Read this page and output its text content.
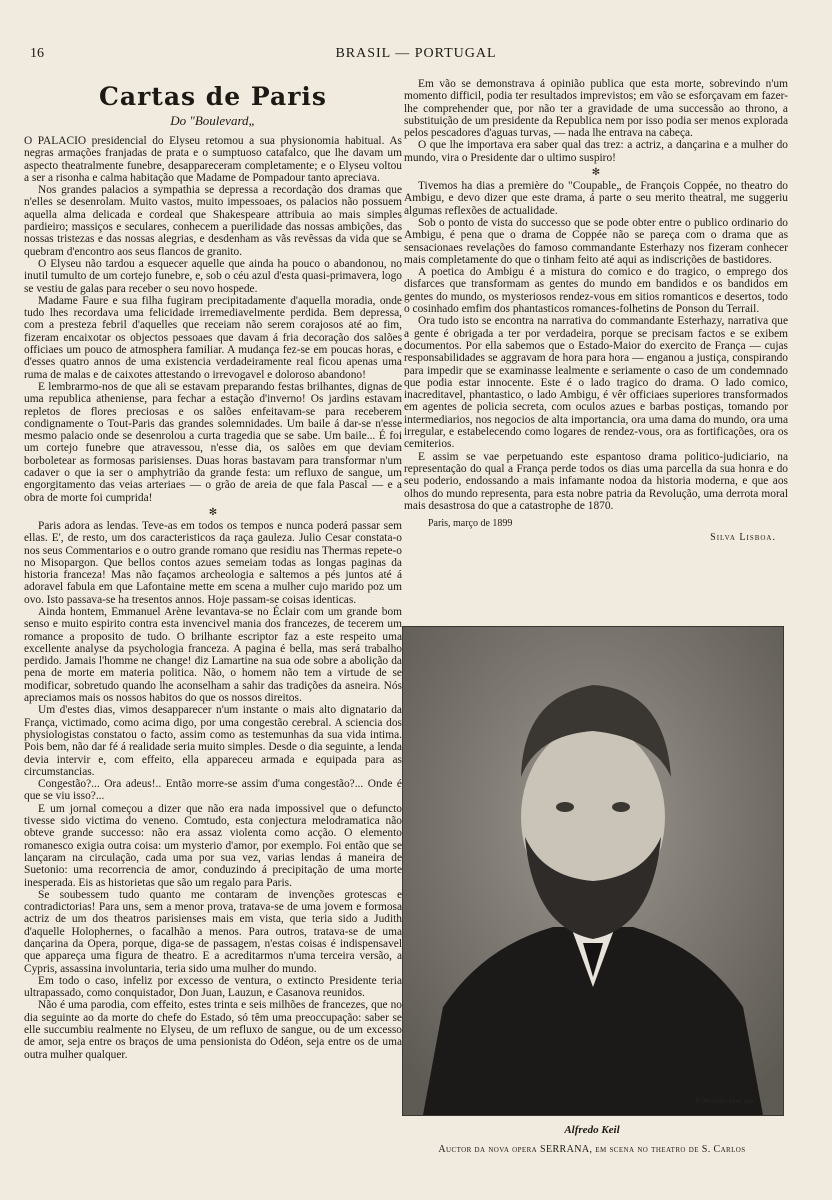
16	BRASIL — PORTUGAL
Cartas de Paris
Do "Boulevard„

O PALACIO presidencial do Elyseu retomou a sua physionomia habitual. As negras armações franjadas de prata e o sumptuoso catafalco, que lhe davam um aspecto theatralmente funebre, desappareceram completamente; e o Elyseu voltou a ser a risonha e calma habitação que Madame de Pompadour tanto apreciava.

Nos grandes palacios a sympathia se depressa a recordação dos dramas que n'elles se desenrolam. Muito vastos, muito impessoaes, os palacios não possuem aquella alma delicada e cordeal que Shakespeare attribuia ao mais simples pardieiro; massiços e seculares, conhecem a puerilidade das nossas ambições, das nossas tristezas e das nossas alegrias, e desdenham as vãs revêssas da vida que se quebram d'encontro aos seus flancos de granito.

O Elyseu não tardou a esquecer aquelle que ainda ha pouco o abandonou, no inutil tumulto de um cortejo funebre, e, sob o céu azul d'esta quasi-primavera, logo se vestiu de galas para receber o seu novo hospede.

Madame Faure e sua filha fugiram precipitadamente d'aquella moradia, onde tudo lhes recordava uma felicidade irremediavelmente perdida. Bem depressa, com a presteza febril d'aquelles que receiam não serem corajosos até ao fim, fizeram encaixotar os objectos pessoaes que davam á fria decoração dos salões officiaes um pouco de atmosphera familiar. A mudança fez-se em poucas horas, e d'esses quatro annos de uma existencia verdadeiramente real ficou apenas uma ruma de malas e de caixotes attestando o irrevogavel e doloroso abandono!

E lembrarmo-nos de que ali se estavam preparando festas brilhantes, dignas de uma republica atheniense, para fechar a estação d'inverno! Os jardins estavam repletos de flores preciosas e os salões enfeitavam-se para receberem condignamente o Tout-Paris das grandes solemnidades. Um baile á dar-se n'esse mesmo palacio onde se desenrolou a curta tragedia que se sabe. Um baile... É foi um cortejo funebre que atravessou, n'esse dia, os salões em que deviam borboletear as formosas parisienses. Duas horas bastavam para transformar n'um cadaver o que ia ser o amphytrião da grande festa: um refluxo de sangue, um engorgitamento das veias arteriaes — o grão de areia de que fala Pascal — e a obra de morte foi cumprida!

✻

Paris adora as lendas. Teve-as em todos os tempos e nunca poderá passar sem ellas. E', de resto, um dos caracteristicos da raça gauleza. Julio Cesar constata-o nos seus Commentarios e o outro grande romano que residiu nas Thermas repete-o no Misopargon. Que bellos contos azues semeiam todas as longas paginas da historia franceza! Mas não façamos archeologia e saltemos a pés juntos até á adoravel fabula em que Lafontaine mette em scena a mulher cujo marido poz um ovo. Isto passava-se ha tresentos annos. Hoje passam-se coisas identicas.

Ainda hontem, Emmanuel Arène levantava-se no Éclair com um grande bom senso e muito espirito contra esta invencivel mania dos francezes, de tecerem um romance a proposito de tudo. O brilhante escriptor faz a este respeito uma excellente analyse da psychologia franceza. A pagina é bella, mas será trabalho perdido. Jamais l'homme ne change! diz Lamartine na sua ode sobre a abolição da pena de morte em materia politica. Não, o homem não tem a virtude de se modificar, sobretudo quando lhe aconselham a sahir das tradições da asneira. Nós apreciamos mais os nossos habitos do que os nossos direitos.

Um d'estes dias, vimos desapparecer n'um instante o mais alto dignatario da França, victimado, como acima digo, por uma congestão cerebral. A sciencia dos physiologistas constatou o facto, assim como as testemunhas da sua vida intima. Pois bem, não dar fé á realidade seria muito simples. Desde o dia seguinte, a lenda devia intervir e, com effeito, ella appareceu armada e equipada para as circumstancias.

Congestão?... Ora adeus!.. Então morre-se assim d'uma congestão?... Onde é que se viu isso?...

E um jornal começou a dizer que não era nada impossivel que o defuncto tivesse sido victima do veneno. Comtudo, esta conjectura melodramatica não obteve grande successo: não era assaz violenta como acção. O elemento romanesco exigia outra coisa: um mysterio d'amor, por exemplo. Foi então que se lançaram na circulação, cada uma por sua vez, varias lendas á maneira de Suetonio: uma recorrencia de amor, conduzindo á precipitação de uma morte inesperada. Eis as historietas que são um regalo para Paris.

Se soubessem tudo quanto me contaram de invenções grotescas e contradictorias! Para uns, sem a menor prova, tratava-se de uma jovem e formosa actriz de um dos theatros parisienses mais em vista, que teria sido a Judith d'aquelle Holophernes, o facalhão a menos. Para outros, tratava-se de uma dançarina da Opera, porque, diga-se de passagem, n'estas coisas é indispensavel que appareça uma figura de theatro. E a acreditarmos n'uma terceira versão, a Cypris, assassina involuntaria, teria sido uma mulher do mundo.

Em todo o caso, infeliz por excesso de ventura, o extincto Presidente teria ultrapassado, como conquistador, Don Juan, Lauzun, e Casanova reunidos.

Não é uma parodia, com effeito, estes trinta e seis milhões de francezes, que no dia seguinte ao da morte do chefe do Estado, só têm uma preoccupação: saber se elle succumbiu realmente no Elyseu, de um refluxo de sangue, ou de um excesso de amor, seja entre os braços de uma pensionista do Odéon, seja entre os de uma outra mulher qualquer.

Em vão se demonstrava á opinião publica que esta morte, sobrevindo n'um momento difficil, podia ter resultados imprevistos; em vão se esforçavam em fazer-lhe comprehender que, por não ter a gravidade de uma successão ao throno, a substituição de um presidente da Republica nem por isso podia ser menos explorada pelos pescadores d'aguas turvas, — nada lhe entrava na cabeça.

O que lhe importava era saber qual das trez: a actriz, a dançarina e a mulher do mundo, vira o Presidente dar o ultimo suspiro!

✻

Tivemos ha dias a première do "Coupable„ de François Coppée, no theatro do Ambigu, e devo dizer que este drama, á parte o seu merito theatral, me suggeriu algumas reflexões de actualidade.

Sob o ponto de vista do successo que se pode obter entre o publico ordinario do Ambigu, é pena que o drama de Coppée não se pareça com o drama que as sensacionaes revelações do famoso commandante Esterhazy nos fizeram conhecer mais completamente do que o tinham feito até aqui as indiscrições de bastidores.

A poetica do Ambigu é a mistura do comico e do tragico, o emprego dos disfarces que transformam as gentes do mundo em bandidos e os bandidos em gentes do mundo, os mysteriosos rendez-vous em sitios romanticos e desertos, todo o cosinhado emfim dos phantasticos romances-folhetins de Ponson du Terrail.

Ora tudo isto se encontra na narrativa do commandante Esterhazy, narrativa que a gente é obrigada a ter por verdadeira, porque se precisam factos e se exibem documentos. Por ella sabemos que o Estado-Maior do exercito de França — cujas responsabilidades se aggravam de hora para hora — enganou a justiça, conspirando para impedir que se examinasse lealmente e seriamente o caso de um condemnado que podia estar innocente. Este é o lado tragico do drama. O lado comico, inacreditavel, phantastico, o lado Ambigu, é vêr officiaes superiores transformados em agentes de policia secreta, com oculos azues e barbas postiças, tomando por intermediarios, nos negocios de alta importancia, ora uma dama do mundo, ora uma irregular, e estabelecendo como logares de rendez-vous, ora as fortificações, ora os cemiterios.

E assim se vae perpetuando este espantoso drama politico-judiciario, na representação do qual a França perde todos os dias uma parcella da sua honra e do seu poderio, endossando a mais infamante nodoa da historia moderna, e que aos olhos do mundo representa, para esta nobre patria da Revolução, uma derrota moral mais desastrosa do que a catastrophe de 1870.

Paris, março de 1899
Silva Lisboa.
P. Marinho phot. typ.
Alfredo Keil
Auctor da nova opera SERRANA, em scena no theatro de S. Carlos
